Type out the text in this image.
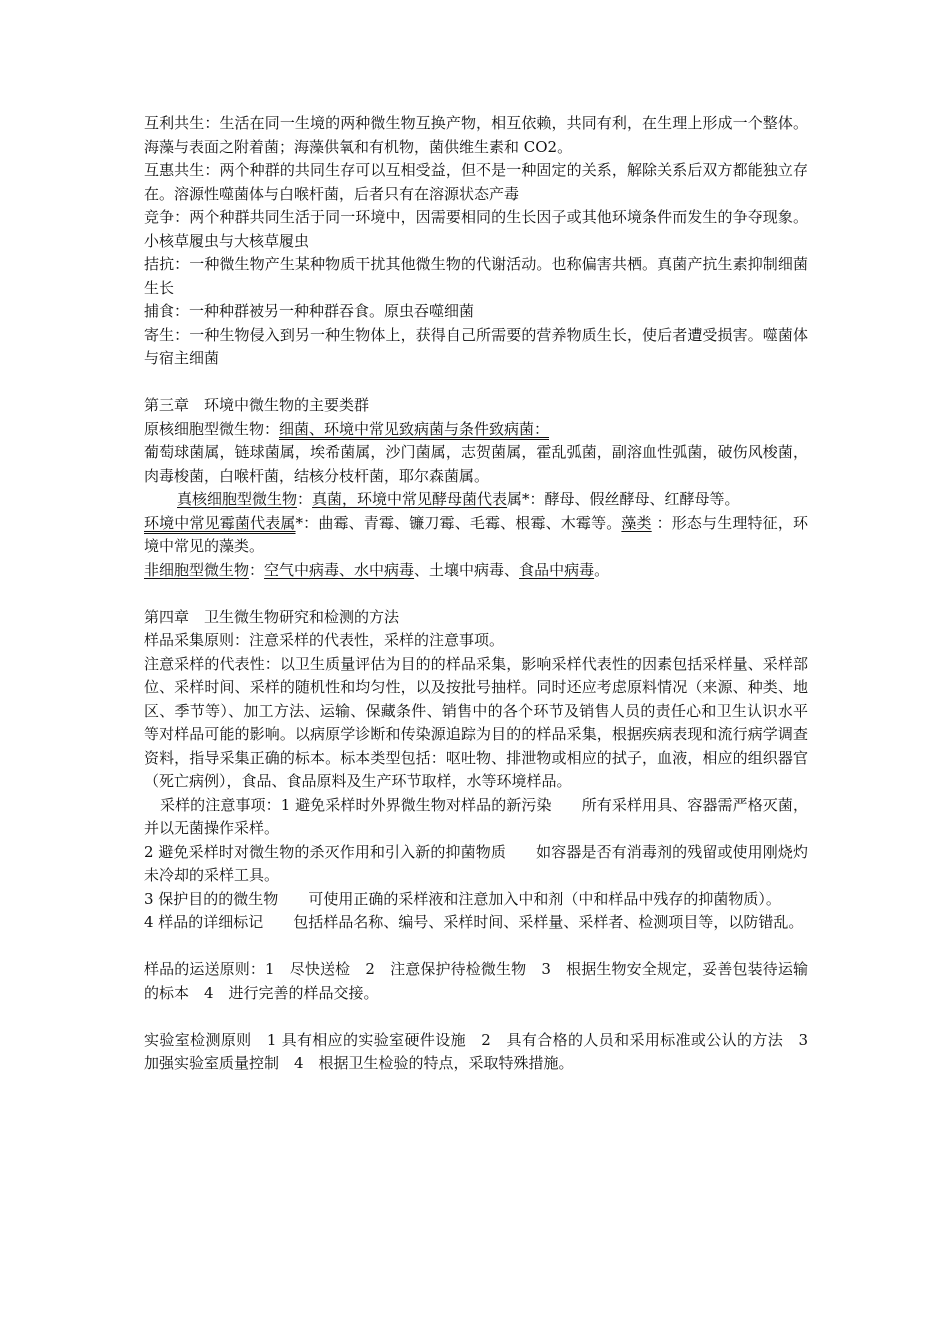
互利共生：生活在同一生境的两种微生物互换产物，相互依赖，共同有利，在生理上形成一个整体。海藻与表面之附着菌；海藻供氧和有机物，菌供维生素和 CO2。

互惠共生：两个种群的共同生存可以互相受益，但不是一种固定的关系，解除关系后双方都能独立存在。溶源性噬菌体与白喉杆菌，后者只有在溶源状态产毒

竞争：两个种群共同生活于同一环境中，因需要相同的生长因子或其他环境条件而发生的争夺现象。小核草履虫与大核草履虫

拮抗：一种微生物产生某种物质干扰其他微生物的代谢活动。也称偏害共栖。真菌产抗生素抑制细菌生长

捕食：一种种群被另一种种群吞食。原虫吞噬细菌

寄生：一种生物侵入到另一种生物体上，获得自己所需要的营养物质生长，使后者遭受损害。噬菌体与宿主细菌

第三章　环境中微生物的主要类群

原核细胞型微生物：细菌、环境中常见致病菌与条件致病菌：

葡萄球菌属，链球菌属，埃希菌属，沙门菌属，志贺菌属，霍乱弧菌，副溶血性弧菌，破伤风梭菌，肉毒梭菌，白喉杆菌，结核分枝杆菌，耶尔森菌属。

真核细胞型微生物：真菌，环境中常见酵母菌代表属*：酵母、假丝酵母、红酵母等。

环境中常见霉菌代表属*：曲霉、青霉、镰刀霉、毛霉、根霉、木霉等。藻类 ：形态与生理特征，环境中常见的藻类。

非细胞型微生物：空气中病毒、水中病毒、土壤中病毒、食品中病毒。

第四章　卫生微生物研究和检测的方法

样品采集原则：注意采样的代表性，采样的注意事项。

注意采样的代表性：以卫生质量评估为目的的样品采集，影响采样代表性的因素包括采样量、采样部位、采样时间、采样的随机性和均匀性，以及按批号抽样。同时还应考虑原料情况（来源、种类、地区、季节等）、加工方法、运输、保藏条件、销售中的各个环节及销售人员的责任心和卫生认识水平等对样品可能的影响。以病原学诊断和传染源追踪为目的的样品采集，根据疾病表现和流行病学调查资料，指导采集正确的标本。标本类型包括：呕吐物、排泄物或相应的拭子，血液，相应的组织器官（死亡病例），食品、食品原料及生产环节取样，水等环境样品。

采样的注意事项：1 避免采样时外界微生物对样品的新污染　　所有采样用具、容器需严格灭菌，并以无菌操作采样。

2 避免采样时对微生物的杀灭作用和引入新的抑菌物质　　如容器是否有消毒剂的残留或使用刚烧灼未冷却的采样工具。

3 保护目的的微生物　　可使用正确的采样液和注意加入中和剂（中和样品中残存的抑菌物质）。

4 样品的详细标记　　包括样品名称、编号、采样时间、采样量、采样者、检测项目等，以防错乱。

样品的运送原则：1　尽快送检　2　注意保护待检微生物　3　根据生物安全规定，妥善包装待运输的标本　4　进行完善的样品交接。

实验室检测原则　1 具有相应的实验室硬件设施　2　具有合格的人员和采用标准或公认的方法　3　加强实验室质量控制　4　根据卫生检验的特点，采取特殊措施。
